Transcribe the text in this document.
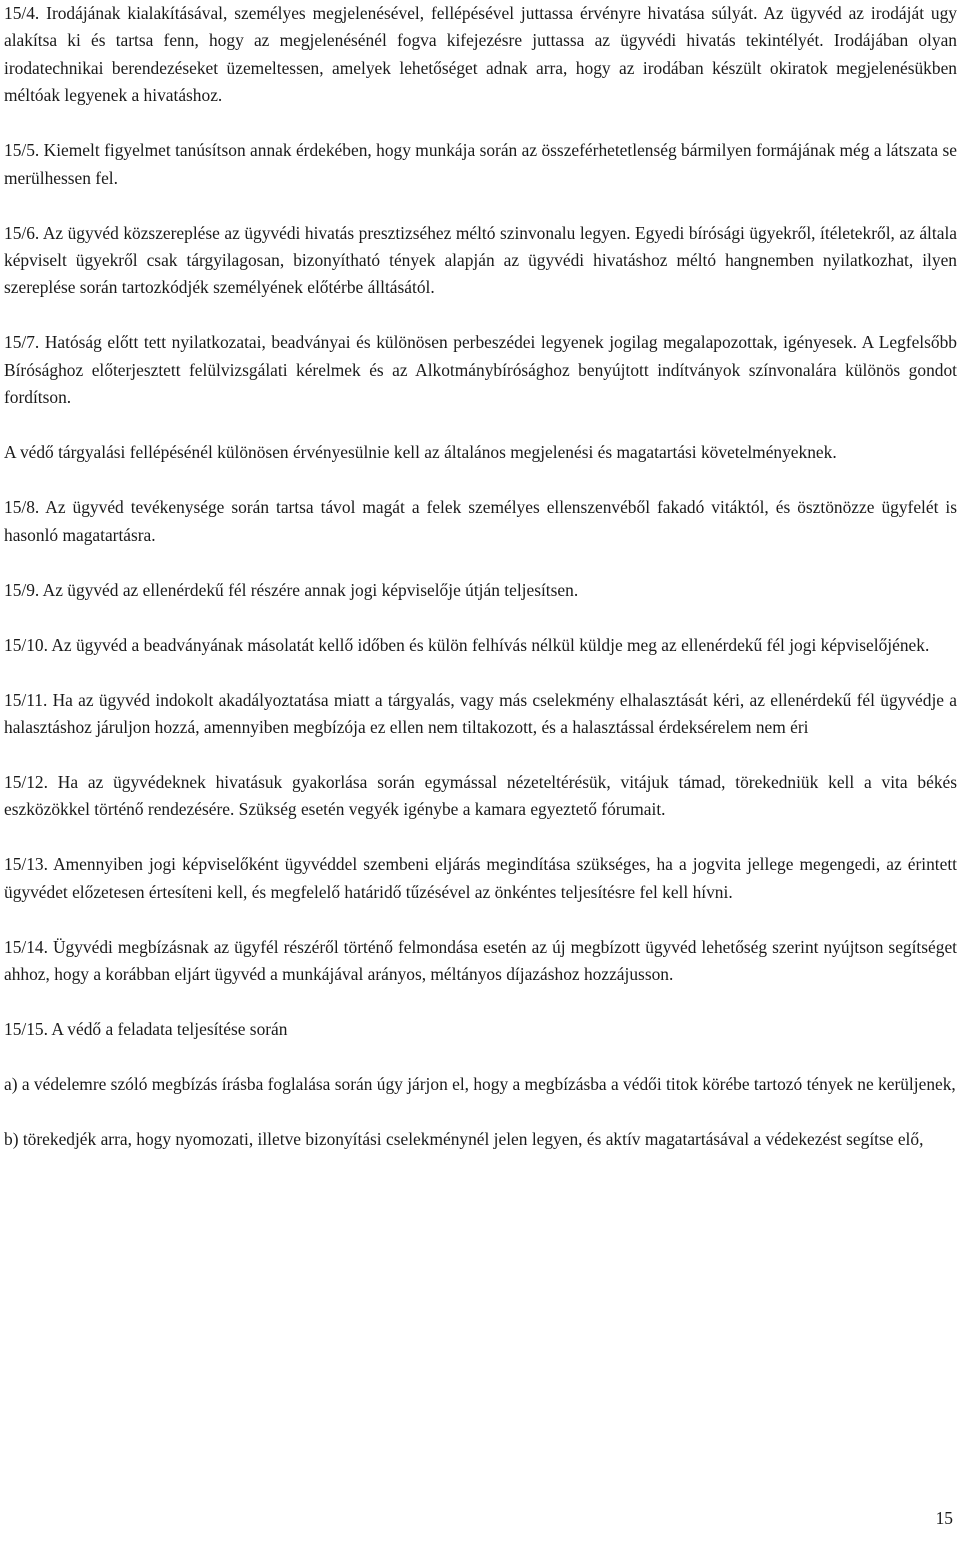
15/4. Irodájának kialakításával, személyes megjelenésével, fellépésével juttassa érvényre hivatása súlyát. Az ügyvéd az irodáját ugy alakítsa ki és tartsa fenn, hogy az megjelenésénél fogva kifejezésre juttassa az ügyvédi hivatás tekintélyét. Irodájában olyan irodatechnikai berendezéseket üzemeltessen, amelyek lehetőséget adnak arra, hogy az irodában készült okiratok megjelenésükben méltóak legyenek a hivatáshoz.

15/5. Kiemelt figyelmet tanúsítson annak érdekében, hogy munkája során az összeférhetetlenség bármilyen formájának még a látszata se merülhessen fel.

15/6. Az ügyvéd közszereplése az ügyvédi hivatás presztizséhez méltó szinvonalu legyen. Egyedi bírósági ügyekről, ítéletekről, az általa képviselt ügyekről csak tárgyilagosan, bizonyítható tények alapján az ügyvédi hivatáshoz méltó hangnemben nyilatkozhat, ilyen szereplése során tartozkódjék személyének előtérbe álltásától.

15/7. Hatóság előtt tett nyilatkozatai, beadványai és különösen perbeszédei legyenek jogilag megalapozottak, igényesek. A Legfelsőbb Bírósághoz előterjesztett felülvizsgálati kérelmek és az Alkotmánybírósághoz benyújtott indítványok színvonalára különös gondot fordítson.

A védő tárgyalási fellépésénél különösen érvényesülnie kell az általános megjelenési és magatartási követelményeknek.

15/8. Az ügyvéd tevékenysége során tartsa távol magát a felek személyes ellenszenvéből fakadó vitáktól, és ösztönözze ügyfelét is hasonló magatartásra.

15/9. Az ügyvéd az ellenérdekű fél részére annak jogi képviselője útján teljesítsen.

15/10. Az ügyvéd a beadványának másolatát kellő időben és külön felhívás nélkül küldje meg az ellenérdekű fél jogi képviselőjének.

15/11. Ha az ügyvéd indokolt akadályoztatása miatt a tárgyalás, vagy más cselekmény elhalasztását kéri, az ellenérdekű fél ügyvédje a halasztáshoz járuljon hozzá, amennyiben megbízója ez ellen nem tiltakozott, és a halasztással érdeksérelem nem éri

15/12. Ha az ügyvédeknek hivatásuk gyakorlása során egymással nézeteltérésük, vitájuk támad, törekedniük kell a vita békés eszközökkel történő rendezésére. Szükség esetén vegyék igénybe a kamara egyeztető fórumait.

15/13. Amennyiben jogi képviselőként ügyvéddel szembeni eljárás megindítása szükséges, ha a jogvita jellege megengedi, az érintett ügyvédet előzetesen értesíteni kell, és megfelelő határidő tűzésével az önkéntes teljesítésre fel kell hívni.

15/14. Ügyvédi megbízásnak az ügyfél részéről történő felmondása esetén az új megbízott ügyvéd lehetőség szerint nyújtson segítséget ahhoz, hogy a korábban eljárt ügyvéd a munkájával arányos, méltányos díjazáshoz hozzájusson.

15/15. A védő a feladata teljesítése során

a) a védelemre szóló megbízás írásba foglalása során úgy járjon el, hogy a megbízásba a védői titok körébe tartozó tények ne kerüljenek,

b) törekedjék arra, hogy nyomozati, illetve bizonyítási cselekménynél jelen legyen, és aktív magatartásával a védekezést segítse elő,

15
